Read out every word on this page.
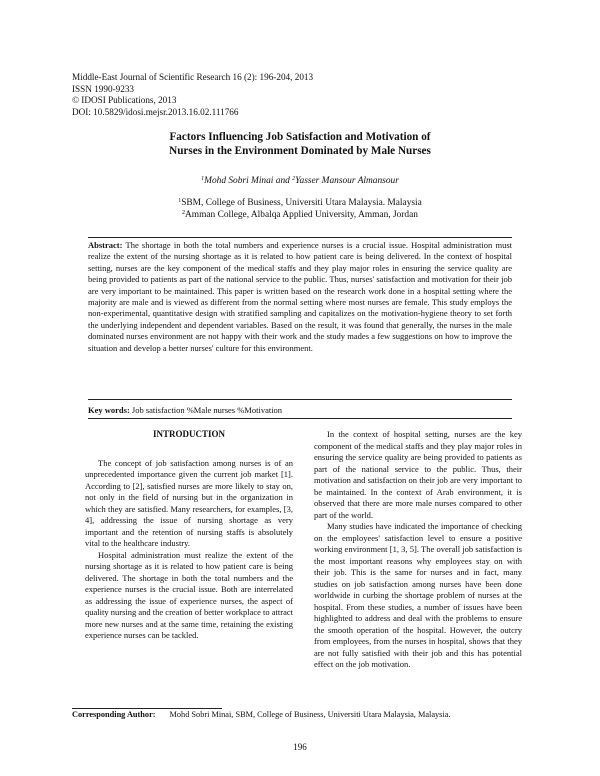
Middle-East Journal of Scientific Research 16 (2): 196-204, 2013
ISSN 1990-9233
© IDOSI Publications, 2013
DOI: 10.5829/idosi.mejsr.2013.16.02.111766
Factors Influencing Job Satisfaction and Motivation of
Nurses in the Environment Dominated by Male Nurses
$^1$Mohd Sobri Minai and $^2$Yasser Mansour Almansour
$^1$SBM, College of Business, Universiti Utara Malaysia. Malaysia
$^2$Amman College, Albalqa Applied University, Amman, Jordan
Abstract: The shortage in both the total numbers and experience nurses is a crucial issue. Hospital administration must realize the extent of the nursing shortage as it is related to how patient care is being delivered. In the context of hospital setting, nurses are the key component of the medical staffs and they play major roles in ensuring the service quality are being provided to patients as part of the national service to the public. Thus, nurses' satisfaction and motivation for their job are very important to be maintained. This paper is written based on the research work done in a hospital setting where the majority are male and is viewed as different from the normal setting where most nurses are female. This study employs the non-experimental, quantitative design with stratified sampling and capitalizes on the motivation-hygiene theory to set forth the underlying independent and dependent variables. Based on the result, it was found that generally, the nurses in the male dominated nurses environment are not happy with their work and the study mades a few suggestions on how to improve the situation and develop a better nurses' culture for this environment.
Key words: Job satisfaction %Male nurses %Motivation
INTRODUCTION

The concept of job satisfaction among nurses is of an unprecedented importance given the current job market [1]. According to [2], satisfied nurses are more likely to stay on, not only in the field of nursing but in the organization in which they are satisfied. Many researchers, for examples, [3, 4], addressing the issue of nursing shortage as very important and the retention of nursing staffs is absolutely vital to the healthcare industry.

Hospital administration must realize the extent of the nursing shortage as it is related to how patient care is being delivered. The shortage in both the total numbers and the experience nurses is the crucial issue. Both are interrelated as addressing the issue of experience nurses, the aspect of quality nursing and the creation of better workplace to attract more new nurses and at the same time, retaining the existing experience nurses can be tackled.

In the context of hospital setting, nurses are the key component of the medical staffs and they play major roles in ensuring the service quality are being provided to patients as part of the national service to the public. Thus, their motivation and satisfaction on their job are very important to be maintained. In the context of Arab environment, it is observed that there are more male nurses compared to other part of the world.

Many studies have indicated the importance of checking on the employees' satisfaction level to ensure a positive working environment [1, 3, 5]. The overall job satisfaction is the most important reasons why employees stay on with their job. This is the same for nurses and in fact, many studies on job satisfaction among nurses have been done worldwide in curbing the shortage problem of nurses at the hospital. From these studies, a number of issues have been highlighted to address and deal with the problems to ensure the smooth operation of the hospital. However, the outcry from employees, from the nurses in hospital, shows that they are not fully satisfied with their job and this has potential effect on the job motivation.

Corresponding Author: Mohd Sobri Minai, SBM, College of Business, Universiti Utara Malaysia, Malaysia.
196
